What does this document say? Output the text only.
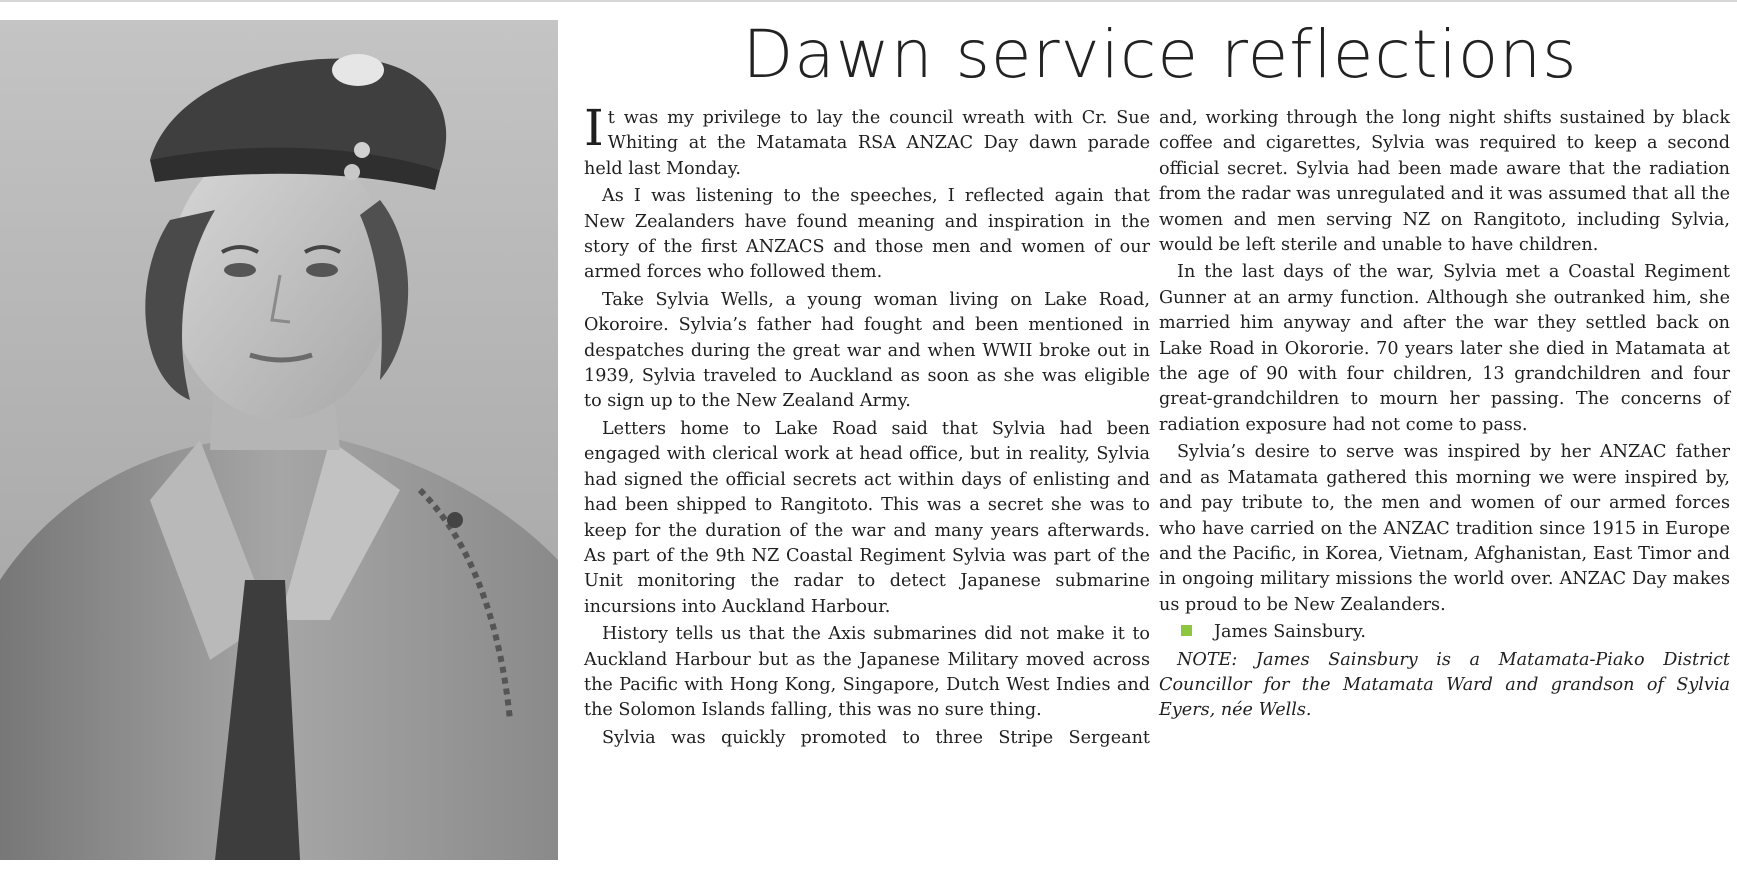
Dawn service reflections

It was my privilege to lay the council wreath with Cr. Sue Whiting at the Matamata RSA ANZAC Day dawn parade held last Monday.

As I was listening to the speeches, I reflected again that New Zealanders have found meaning and inspiration in the story of the first ANZACS and those men and women of our armed forces who followed them.

Take Sylvia Wells, a young woman living on Lake Road, Okoroire. Sylvia’s father had fought and been mentioned in despatches during the great war and when WWII broke out in 1939, Sylvia traveled to Auckland as soon as she was eligible to sign up to the New Zealand Army.

Letters home to Lake Road said that Sylvia had been engaged with clerical work at head office, but in reality, Sylvia had signed the official secrets act within days of enlisting and had been shipped to Rangitoto. This was a secret she was to keep for the duration of the war and many years afterwards. As part of the 9th NZ Coastal Regiment Sylvia was part of the Unit monitoring the radar to detect Japanese submarine incursions into Auckland Harbour.

History tells us that the Axis submarines did not make it to Auckland Harbour but as the Japanese Military moved across the Pacific with Hong Kong, Singapore, Dutch West Indies and the Solomon Islands falling, this was no sure thing.

Sylvia was quickly promoted to three Stripe Sergeant

and, working through the long night shifts sustained by black coffee and cigarettes, Sylvia was required to keep a second official secret. Sylvia had been made aware that the radiation from the radar was unregulated and it was assumed that all the women and men serving NZ on Rangitoto, including Sylvia, would be left sterile and unable to have children.

In the last days of the war, Sylvia met a Coastal Regiment Gunner at an army function. Although she outranked him, she married him anyway and after the war they settled back on Lake Road in Okororie. 70 years later she died in Matamata at the age of 90 with four children, 13 grandchildren and four great-grandchildren to mourn her passing. The concerns of radiation exposure had not come to pass.

Sylvia’s desire to serve was inspired by her ANZAC father and as Matamata gathered this morning we were inspired by, and pay tribute to, the men and women of our armed forces who have carried on the ANZAC tradition since 1915 in Europe and the Pacific, in Korea, Vietnam, Afghanistan, East Timor and in ongoing military missions the world over. ANZAC Day makes us proud to be New Zealanders.

James Sainsbury.

NOTE: James Sainsbury is a Matamata-Piako District Councillor for the Matamata Ward and grandson of Sylvia Eyers, née Wells.
